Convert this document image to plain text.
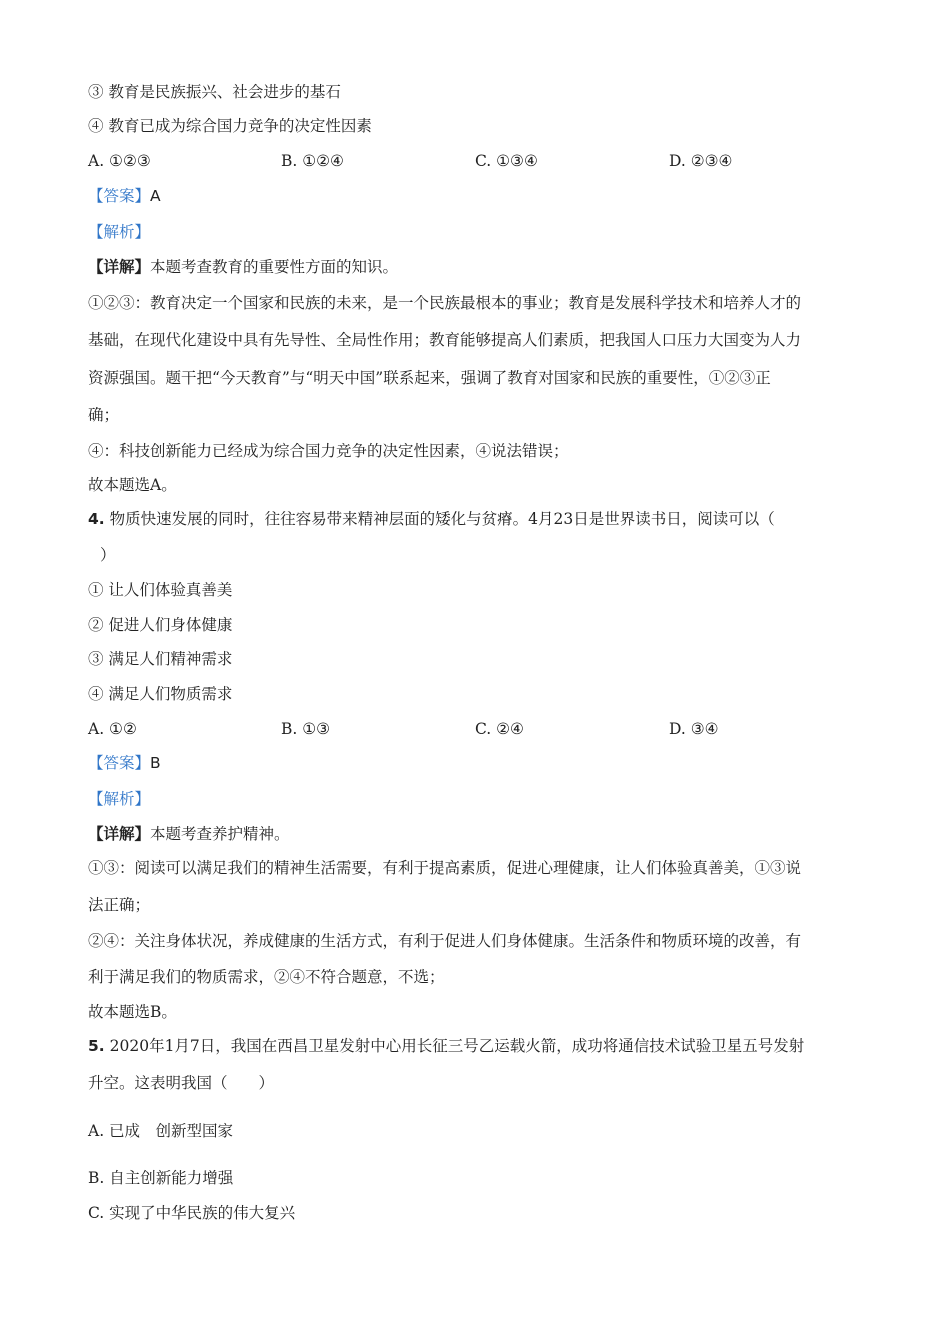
③ 教育是民族振兴、社会进步的基石

④ 教育已成为综合国力竞争的决定性因素

A. ①②③	B. ①②④	C. ①③④	D. ②③④

【答案】A

【解析】

【详解】本题考查教育的重要性方面的知识。

①②③：教育决定一个国家和民族的未来，是一个民族最根本的事业；教育是发展科学技术和培养人才的

基础，在现代化建设中具有先导性、全局性作用；教育能够提高人们素质，把我国人口压力大国变为人力

资源强国。题干把“今天教育”与“明天中国”联系起来，强调了教育对国家和民族的重要性，①②③正

确；

④：科技创新能力已经成为综合国力竞争的决定性因素，④说法错误；

故本题选A。

4. 物质快速发展的同时，往往容易带来精神层面的矮化与贫瘠。4月23日是世界读书日，阅读可以（

）

① 让人们体验真善美

② 促进人们身体健康

③ 满足人们精神需求

④ 满足人们物质需求

A. ①②	B. ①③	C. ②④	D. ③④

【答案】B

【解析】

【详解】本题考查养护精神。

①③：阅读可以满足我们的精神生活需要，有利于提高素质，促进心理健康，让人们体验真善美，①③说

法正确；

②④：关注身体状况，养成健康的生活方式，有利于促进人们身体健康。生活条件和物质环境的改善，有

利于满足我们的物质需求，②④不符合题意，不选；

故本题选B。

5. 2020年1月7日，我国在西昌卫星发射中心用长征三号乙运载火箭，成功将通信技术试验卫星五号发射

升空。这表明我国（　　）

A. 已成　创新型国家

B. 自主创新能力增强

C. 实现了中华民族的伟大复兴
